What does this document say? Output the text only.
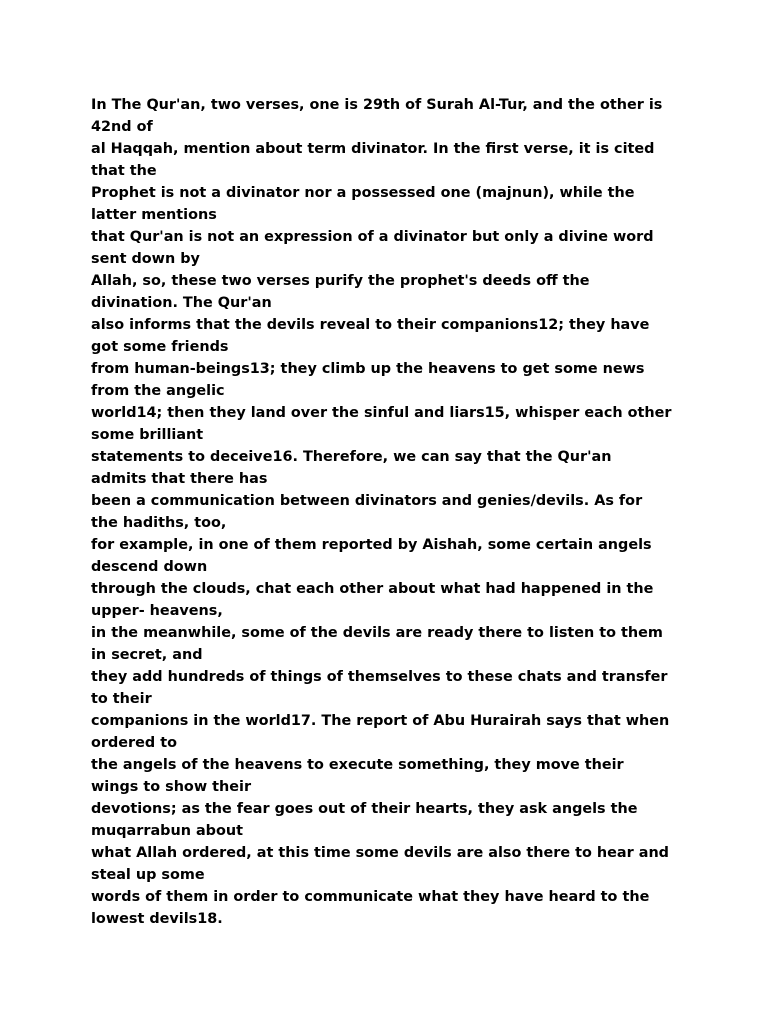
In The Qur'an, two verses, one is 29th of Surah Al-Tur, and the other is
42nd of
al Haqqah, mention about term divinator. In the first verse, it is cited
that the
Prophet is not a divinator nor a possessed one (majnun), while the
latter mentions
that Qur'an is not an expression of a divinator but only a divine word
sent down by
Allah, so, these two verses purify the prophet's deeds off the
divination. The Qur'an
also informs that the devils reveal to their companions12; they have
got some friends
from human-beings13; they climb up the heavens to get some news
from the angelic
world14; then they land over the sinful and liars15, whisper each other
some brilliant
statements to deceive16. Therefore, we can say that the Qur'an
admits that there has
been a communication between divinators and genies/devils. As for
the hadiths, too,
for example, in one of them reported by Aishah, some certain angels
descend down
through the clouds, chat each other about what had happened in the
upper- heavens,
in the meanwhile, some of the devils are ready there to listen to them
in secret, and
they add hundreds of things of themselves to these chats and transfer
to their
companions in the world17. The report of Abu Hurairah says that when
ordered to
the angels of the heavens to execute something, they move their
wings to show their
devotions; as the fear goes out of their hearts, they ask angels the
muqarrabun about
what Allah ordered, at this time some devils are also there to hear and
steal up some
words of them in order to communicate what they have heard to the
lowest devils18.
